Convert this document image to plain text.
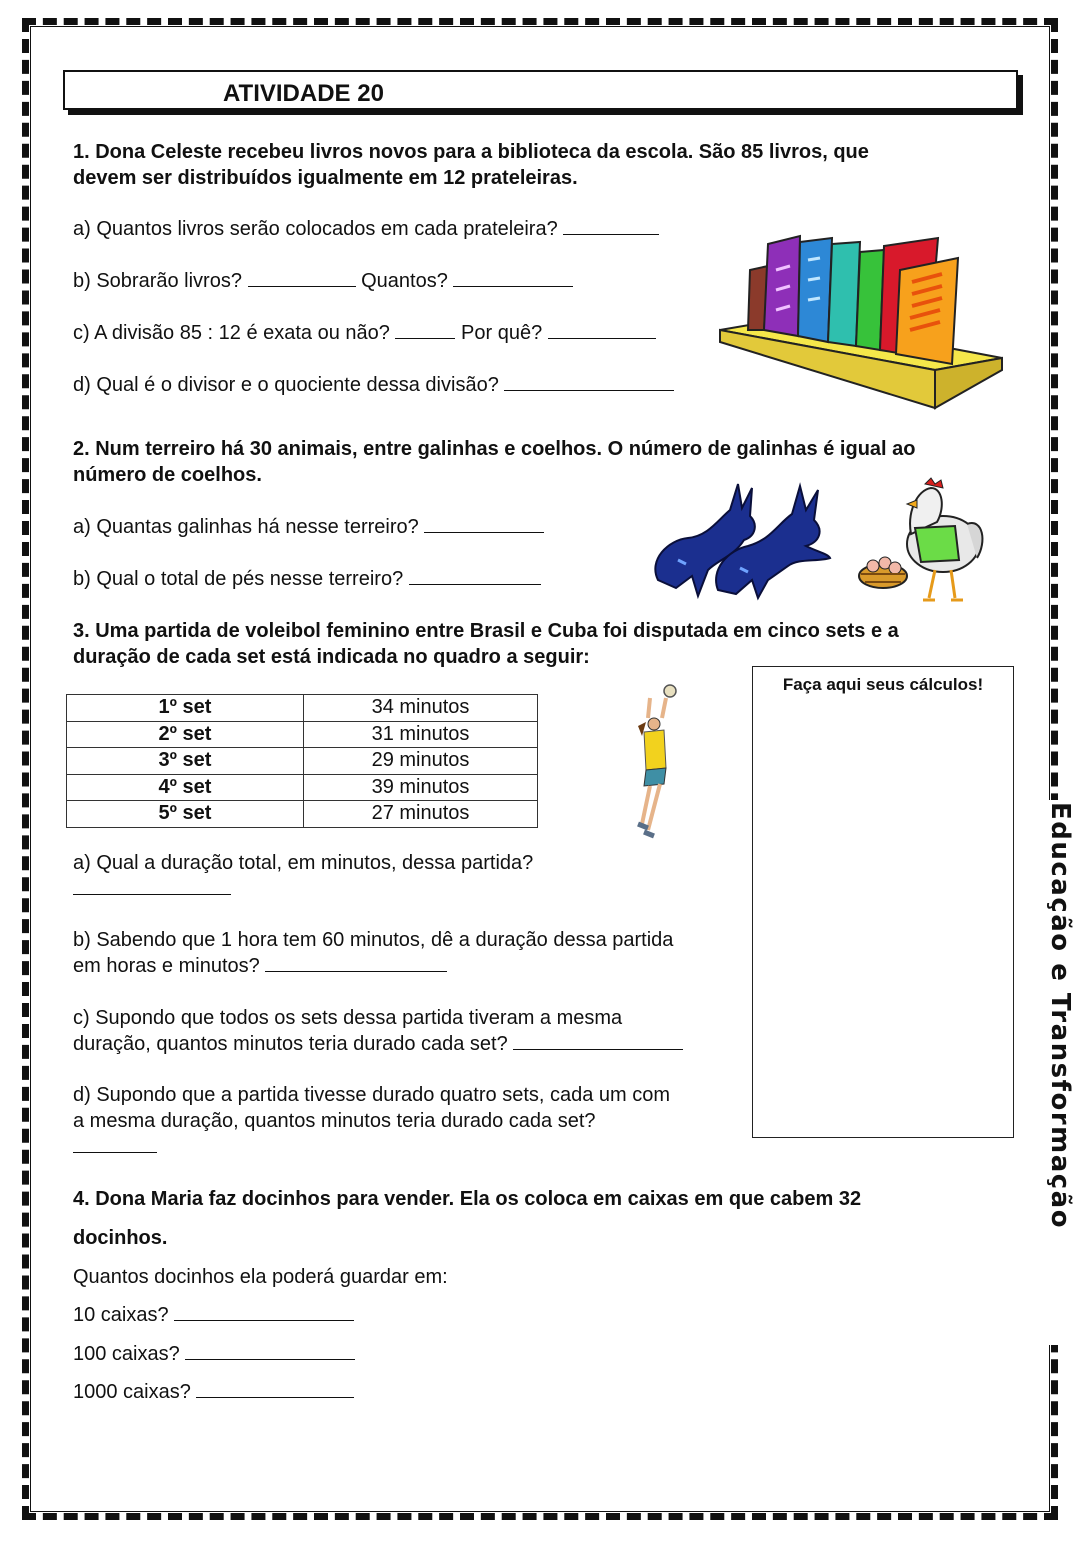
Educação e Transformação
ATIVIDADE 20
1. Dona Celeste recebeu livros novos para a biblioteca da escola. São 85 livros, que
devem ser distribuídos igualmente em 12 prateleiras.
a) Quantos livros serão colocados em cada prateleira?
b) Sobrarão livros?	Quantos?
c) A divisão 85 : 12 é exata ou não?	Por quê?
d) Qual é o divisor e o quociente dessa divisão?
2. Num terreiro há 30 animais, entre galinhas e coelhos. O número de galinhas é igual ao
número de coelhos.
a) Quantas galinhas há nesse terreiro?
b) Qual o total de pés nesse terreiro?
3. Uma partida de voleibol feminino entre Brasil e Cuba foi disputada em cinco sets e a
duração de cada set está indicada no quadro a seguir:
1º set	34 minutos
2º set	31 minutos
3º set	29 minutos
4º set	39 minutos
5º set	27 minutos
Faça aqui seus cálculos!
a) Qual a duração total, em minutos, dessa partida?
b) Sabendo que 1 hora tem 60 minutos, dê a duração dessa partida
em horas e minutos?
c) Supondo que todos os sets dessa partida tiveram a mesma
duração, quantos minutos teria durado cada set?
d) Supondo que a partida tivesse durado quatro sets, cada um com
a mesma duração, quantos minutos teria durado cada set?
4. Dona Maria faz docinhos para vender. Ela os coloca em caixas em que cabem 32
docinhos.
Quantos docinhos ela poderá guardar em:
10 caixas?
100 caixas?
1000 caixas?
